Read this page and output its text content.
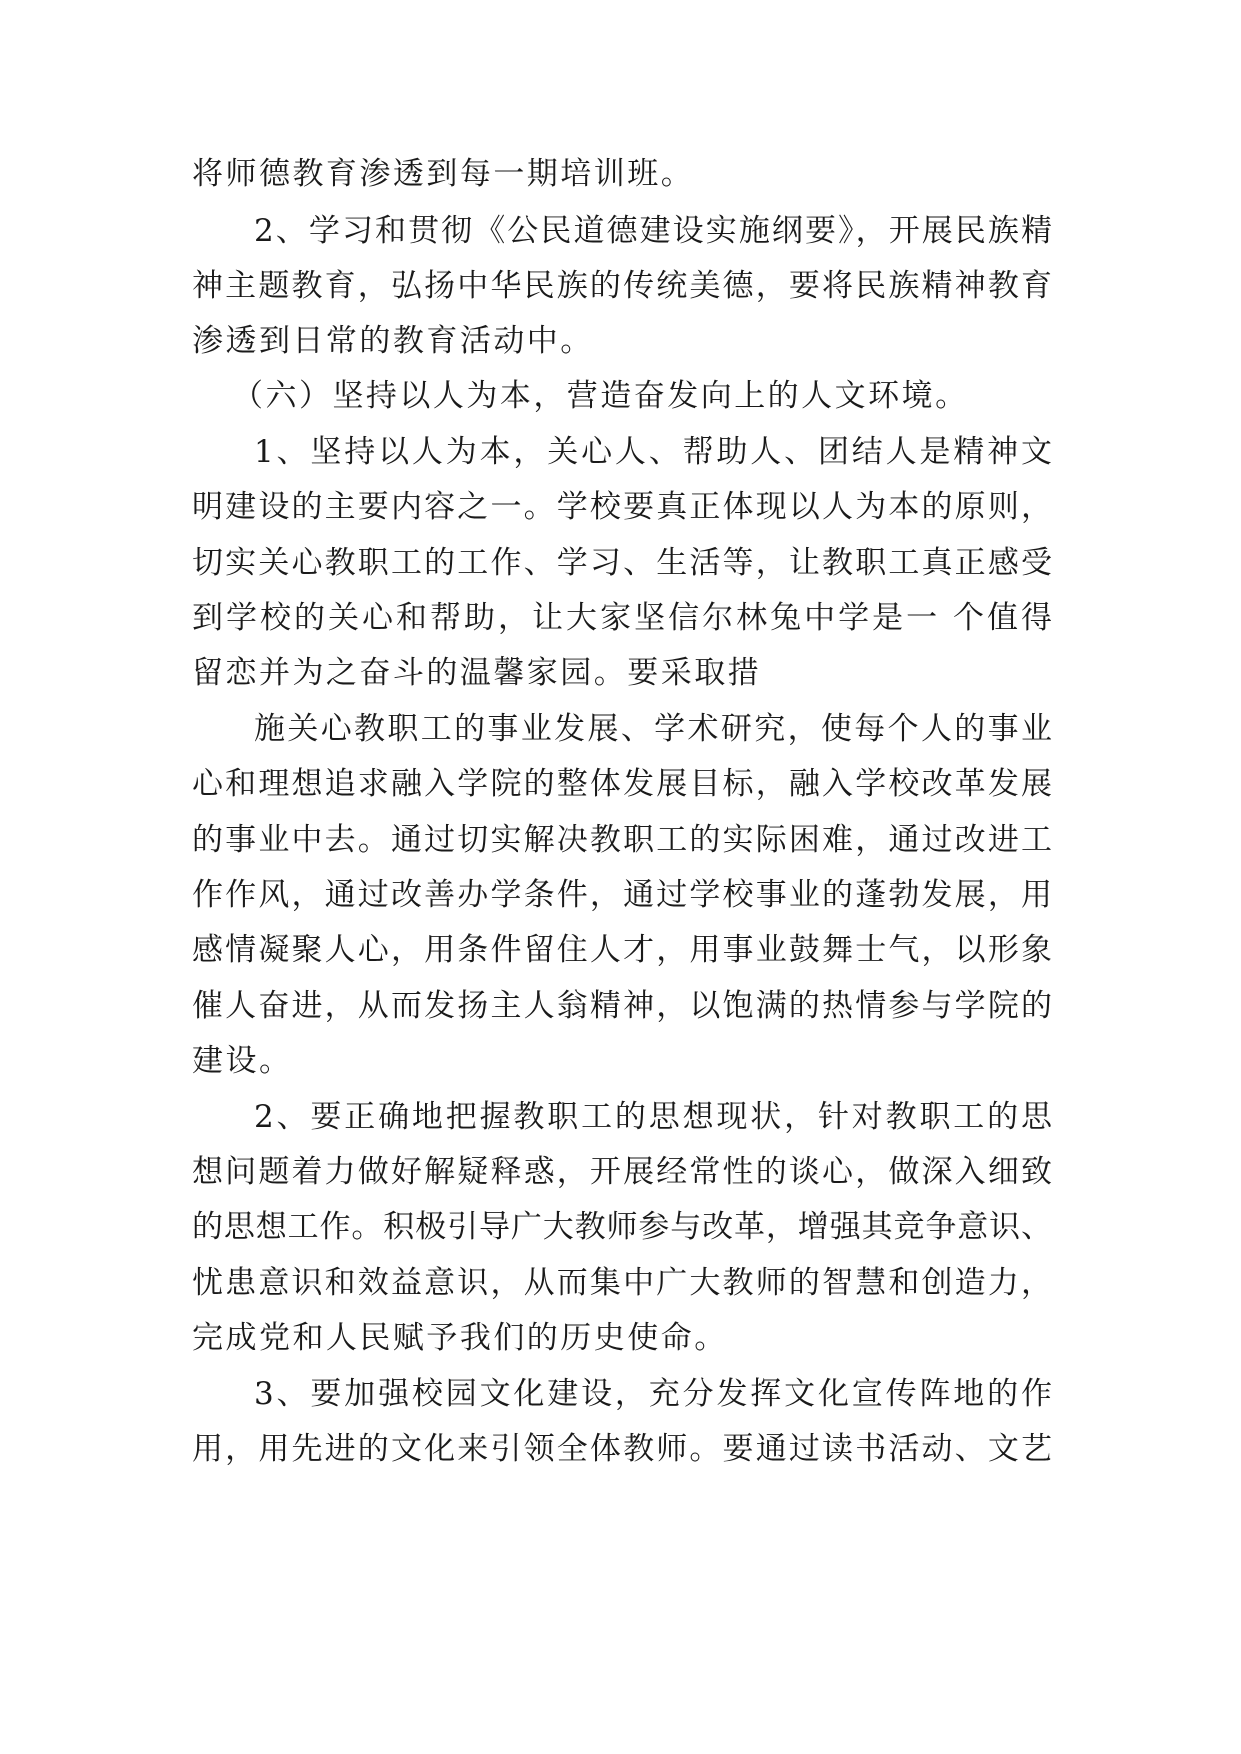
将师德教育渗透到每一期培训班。
2、学习和贯彻《公民道德建设实施纲要》，开展民族精
神主题教育，弘扬中华民族的传统美德，要将民族精神教育
渗透到日常的教育活动中。
（六）坚持以人为本，营造奋发向上的人文环境。
1、坚持以人为本，关心人、帮助人、团结人是精神文
明建设的主要内容之一。学校要真正体现以人为本的原则，
切实关心教职工的工作、学习、生活等，让教职工真正感受
到学校的关心和帮助，让大家坚信尔林兔中学是一 个值得
留恋并为之奋斗的温馨家园。要采取措
施关心教职工的事业发展、学术研究，使每个人的事业
心和理想追求融入学院的整体发展目标，融入学校改革发展
的事业中去。通过切实解决教职工的实际困难，通过改进工
作作风，通过改善办学条件，通过学校事业的蓬勃发展，用
感情凝聚人心，用条件留住人才，用事业鼓舞士气，以形象
催人奋进，从而发扬主人翁精神，以饱满的热情参与学院的
建设。
2、要正确地把握教职工的思想现状，针对教职工的思
想问题着力做好解疑释惑，开展经常性的谈心，做深入细致
的思想工作。积极引导广大教师参与改革，增强其竞争意识、
忧患意识和效益意识，从而集中广大教师的智慧和创造力，
完成党和人民赋予我们的历史使命。
3、要加强校园文化建设，充分发挥文化宣传阵地的作
用，用先进的文化来引领全体教师。要通过读书活动、文艺
